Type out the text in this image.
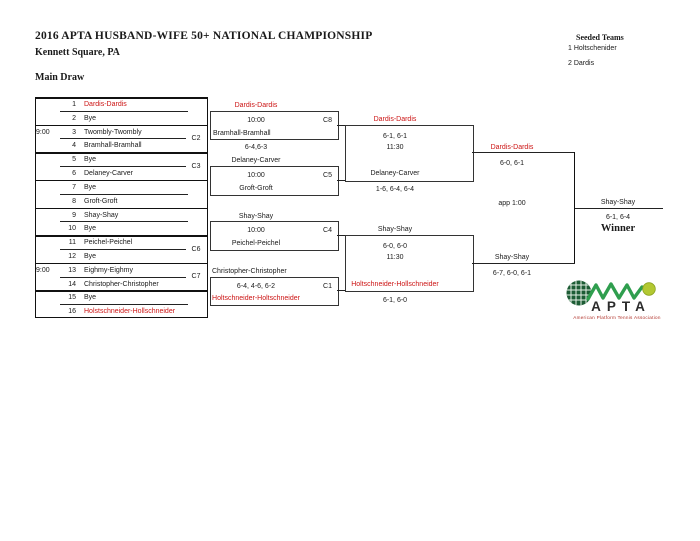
2016 APTA HUSBAND-WIFE 50+ NATIONAL CHAMPIONSHIP
Kennett Square, PA
Main Draw
Seeded Teams
1 Holtschenider
2 Dardis
1 Dardis-Dardis
2 Bye
3 Twombly-Twombly
4 Bramhall-Bramhall
5 Bye
6 Delaney-Carver
7 Bye
8 Groft-Groft
9 Shay-Shay
10 Bye
11 Peichel-Peichel
12 Bye
13 Eighmy-Eighmy
14 Christopher-Christopher
15 Bye
16 Holstschneider-Hollschneider
9:00
9:00
C2
C3
C6
C7
Dardis-Dardis
10:00	C8
Bramhall-Bramhall
6-4,6-3
Delaney-Carver
10:00	C5
Groft-Groft
Shay-Shay
10:00	C4
Peichel-Peichel
Christopher-Christopher
6-4, 4-6, 6-2	C1
Holtschneider-Holtschneider
Dardis-Dardis
6-1, 6-1
11:30
Delaney-Carver
1-6, 6-4, 6-4
Shay-Shay
6-0, 6-0
11:30
Holtschneider-Hollschneider
6-1, 6-0
Dardis-Dardis
6-0, 6-1
app 1:00
Shay-Shay
6-7, 6-0, 6-1
Shay-Shay
6-1, 6-4
Winner
APTA
American Platform Tennis Association
